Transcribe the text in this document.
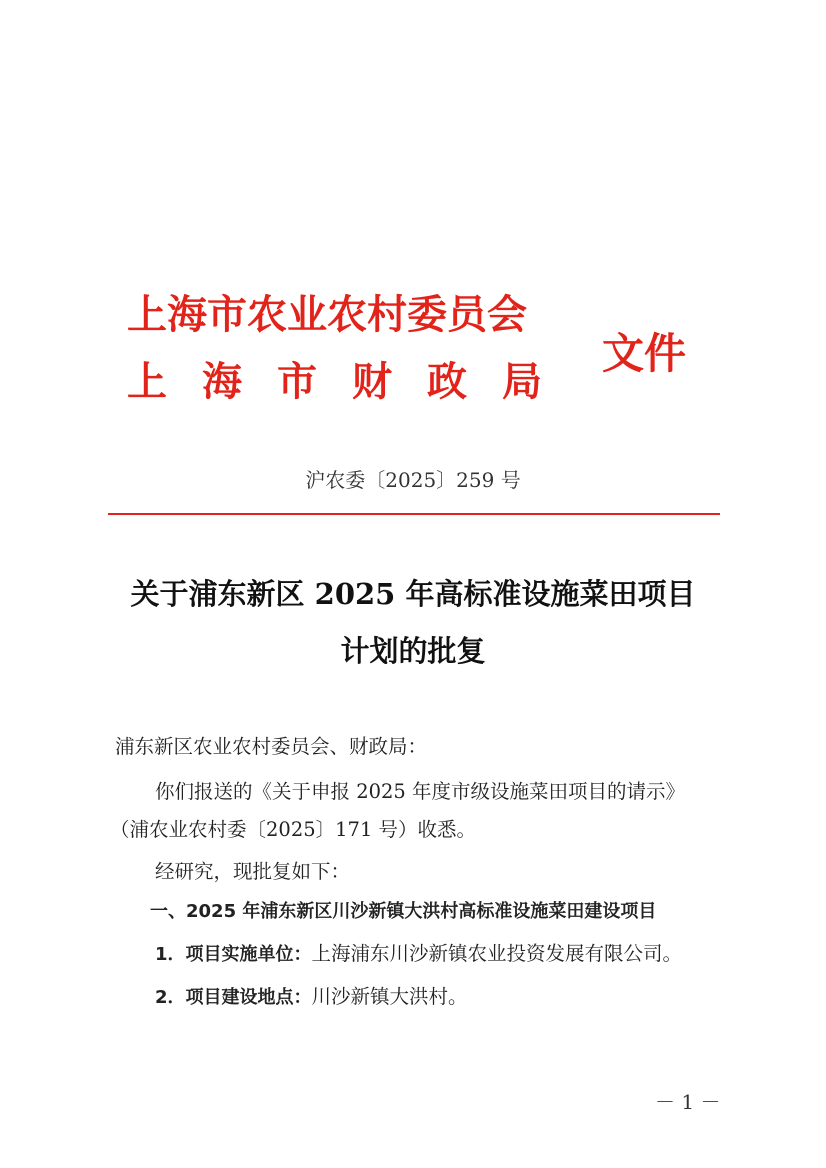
上海市农业农村委员会
上海市财政局
文件
沪农委〔2025〕259 号
关于浦东新区 2025 年高标准设施菜田项目
计划的批复
浦东新区农业农村委员会、财政局：
你们报送的《关于申报 2025 年度市级设施菜田项目的请示》
（浦农业农村委〔2025〕171 号）收悉。
经研究，现批复如下：
一、2025 年浦东新区川沙新镇大洪村高标准设施菜田建设项目
1．项目实施单位：上海浦东川沙新镇农业投资发展有限公司。
2．项目建设地点：川沙新镇大洪村。
－ 1 －
